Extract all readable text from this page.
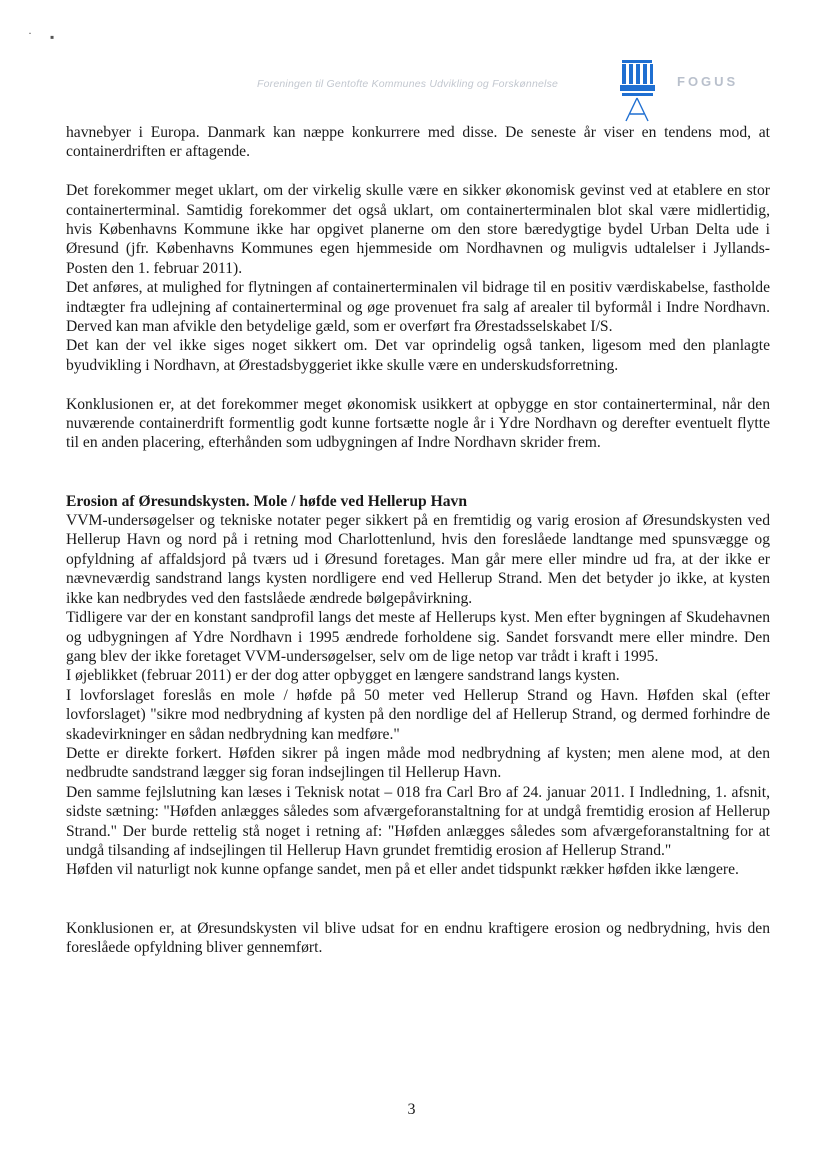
· ▪
Foreningen til Gentofte Kommunes Udvikling og Forskønnelse	FOGUS

havnebyer i Europa. Danmark kan næppe konkurrere med disse. De seneste år viser en tendens mod, at containerdriften er aftagende.

Det forekommer meget uklart, om der virkelig skulle være en sikker økonomisk gevinst ved at etablere en stor containerterminal. Samtidig forekommer det også uklart, om containerterminalen blot skal være midlertidig, hvis Københavns Kommune ikke har opgivet planerne om den store bæredygtige bydel Urban Delta ude i Øresund (jfr. Københavns Kommunes egen hjemmeside om Nordhavnen og muligvis udtalelser i Jyllands-Posten den 1. februar 2011).

Det anføres, at mulighed for flytningen af containerterminalen vil bidrage til en positiv værdiskabelse, fastholde indtægter fra udlejning af containerterminal og øge provenuet fra salg af arealer til byformål i Indre Nordhavn. Derved kan man afvikle den betydelige gæld, som er overført fra Ørestadsselskabet I/S.

Det kan der vel ikke siges noget sikkert om. Det var oprindelig også tanken, ligesom med den planlagte byudvikling i Nordhavn, at Ørestadsbyggeriet ikke skulle være en underskudsforretning.

Konklusionen er, at det forekommer meget økonomisk usikkert at opbygge en stor containerterminal, når den nuværende containerdrift formentlig godt kunne fortsætte nogle år i Ydre Nordhavn og derefter eventuelt flytte til en anden placering, efterhånden som udbygningen af Indre Nordhavn skrider frem.

Erosion af Øresundskysten. Mole / høfde ved Hellerup Havn

VVM-undersøgelser og tekniske notater peger sikkert på en fremtidig og varig erosion af Øresundskysten ved Hellerup Havn og nord på i retning mod Charlottenlund, hvis den foreslåede landtange med spunsvægge og opfyldning af affaldsjord på tværs ud i Øresund foretages. Man går mere eller mindre ud fra, at der ikke er nævneværdig sandstrand langs kysten nordligere end ved Hellerup Strand. Men det betyder jo ikke, at kysten ikke kan nedbrydes ved den fastslåede ændrede bølgepåvirkning.

Tidligere var der en konstant sandprofil langs det meste af Hellerups kyst. Men efter bygningen af Skudehavnen og udbygningen af Ydre Nordhavn i 1995 ændrede forholdene sig. Sandet forsvandt mere eller mindre. Den gang blev der ikke foretaget VVM-undersøgelser, selv om de lige netop var trådt i kraft i 1995.

I øjeblikket (februar 2011) er der dog atter opbygget en længere sandstrand langs kysten.

I lovforslaget foreslås en mole / høfde på 50 meter ved Hellerup Strand og Havn. Høfden skal (efter lovforslaget) "sikre mod nedbrydning af kysten på den nordlige del af Hellerup Strand, og dermed forhindre de skadevirkninger en sådan nedbrydning kan medføre."

Dette er direkte forkert. Høfden sikrer på ingen måde mod nedbrydning af kysten; men alene mod, at den nedbrudte sandstrand lægger sig foran indsejlingen til Hellerup Havn.

Den samme fejlslutning kan læses i Teknisk notat – 018 fra Carl Bro af 24. januar 2011. I Indledning, 1. afsnit, sidste sætning: "Høfden anlægges således som afværgeforanstaltning for at undgå fremtidig erosion af Hellerup Strand." Der burde rettelig stå noget i retning af: "Høfden anlægges således som afværgeforanstaltning for at undgå tilsanding af indsejlingen til Hellerup Havn grundet fremtidig erosion af Hellerup Strand."

Høfden vil naturligt nok kunne opfange sandet, men på et eller andet tidspunkt rækker høfden ikke længere.

Konklusionen er, at Øresundskysten vil blive udsat for en endnu kraftigere erosion og nedbrydning, hvis den foreslåede opfyldning bliver gennemført.

3
